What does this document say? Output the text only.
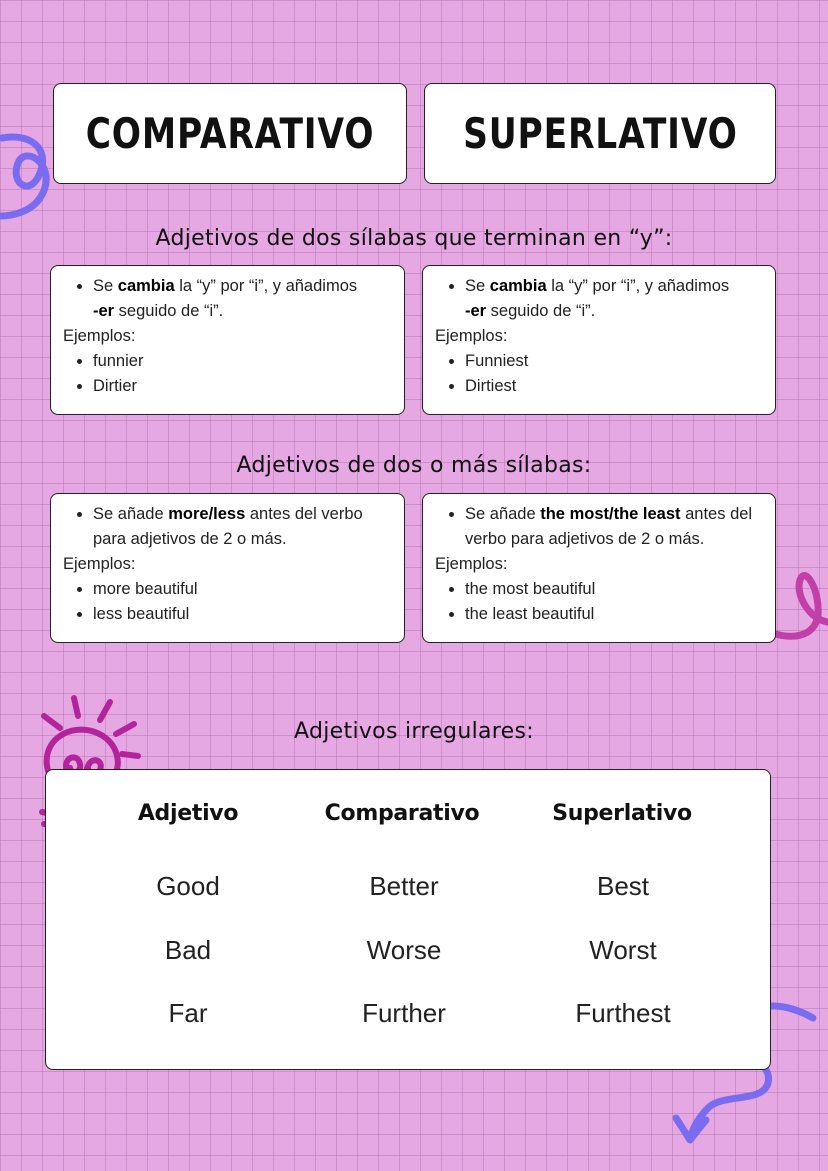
COMPARATIVO SUPERLATIVO
Adjetivos de dos sílabas que terminan en “y”:
• Se cambia la “y” por “i”, y añadimos
-er seguido de “i”.
Ejemplos:
• funnier
• Dirtier
• Se cambia la “y” por “i”, y añadimos
-er seguido de “i”.
Ejemplos:
• Funniest
• Dirtiest
Adjetivos de dos o más sílabas:
• Se añade more/less antes del verbo para adjetivos de 2 o más.
Ejemplos:
• more beautiful
• less beautiful
• Se añade the most/the least antes del verbo para adjetivos de 2 o más.
Ejemplos:
• the most beautiful
• the least beautiful
Adjetivos irregulares:
Adjetivo	Comparativo	Superlativo
Good	Better	Best
Bad	Worse	Worst
Far	Further	Furthest
